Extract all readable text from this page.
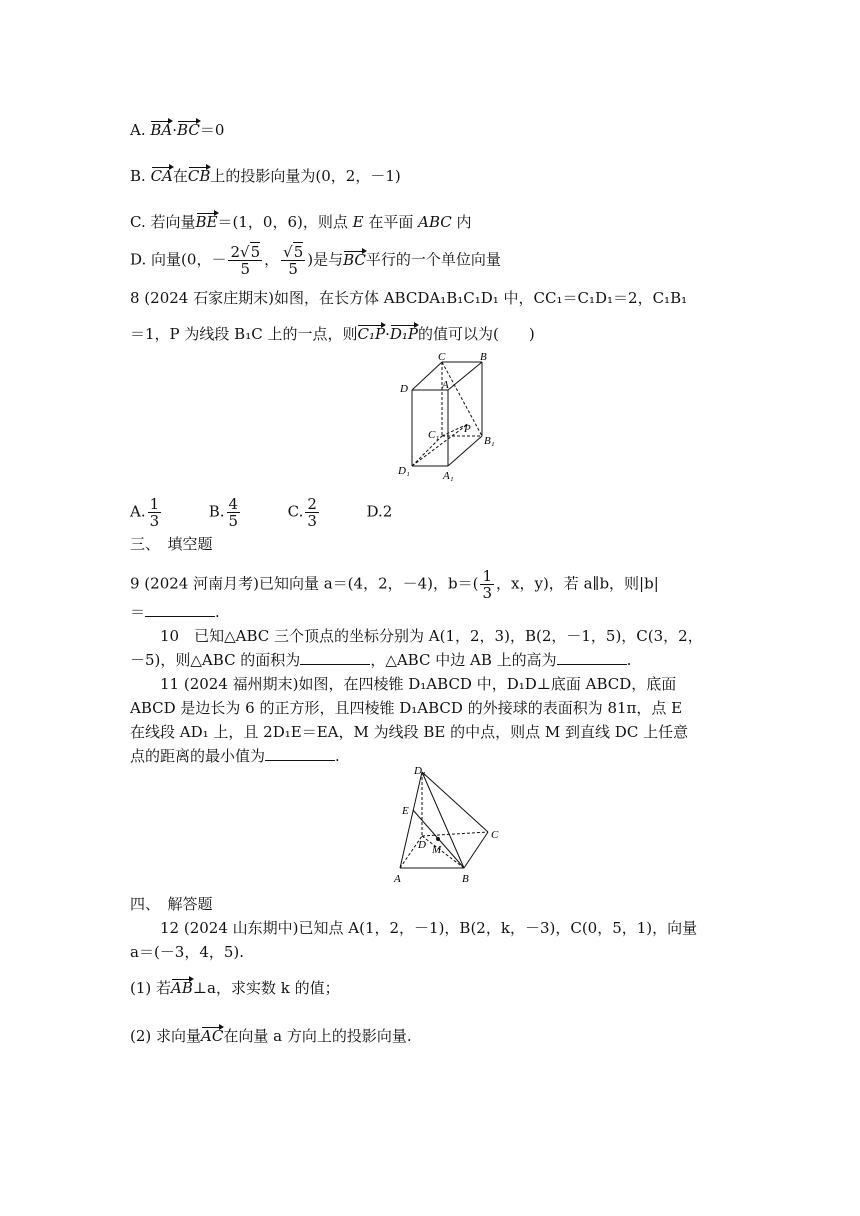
A. BA·BC＝0
B. CA在CB上的投影向量为(0，2，－1)
C. 若向量BE＝(1，0，6)，则点 E 在平面 ABC 内
D. 向量(0，－ $\frac{2√5}{5}$ ， $\frac{√5}{5}$ )是与BC平行的一个单位向量
8 (2024 石家庄期末)如图，在长方体 ABCDA₁B₁C₁D₁ 中，CC₁＝C₁D₁＝2，C₁B₁
＝1，P 为线段 B₁C 上的一点，则C₁P·D₁P的值可以为(　　)
C	B
D	A
C₁ P
B₁
D₁	A₁
A. $\frac{1}{3}$	B. $\frac{4}{5}$	C. $\frac{2}{3}$	D.2
三、　填空题
9 (2024 河南月考)已知向量 a＝(4，2，－4)，$b=( \frac{1}{3}$ ，x，y)，若 a∥b，则|b|
＝	.
10　已知△ABC 三个顶点的坐标分别为 A(1，2，3)，B(2，－1，5)，C(3，2，
－5)，则△ABC 的面积为	，△ABC 中边 AB 上的高为	.
11 (2024 福州期末)如图，在四棱锥 D₁ABCD 中，D₁D⊥底面 ABCD，底面
ABCD 是边长为 6 的正方形，且四棱锥 D₁ABCD 的外接球的表面积为 81π，点 E
在线段 AD₁ 上，且 2D₁E＝EA，M 为线段 BE 的中点，则点 M 到直线 DC 上任意
点的距离的最小值为	.
D₁
E
C
D M
A	B
四、　解答题
12 (2024 山东期中)已知点 A(1，2，－1)，B(2，k，－3)，C(0，5，1)，向量
a＝(－3，4，5).
(1) 若AB⊥a，求实数 k 的值；
(2) 求向量AC在向量 a 方向上的投影向量.
